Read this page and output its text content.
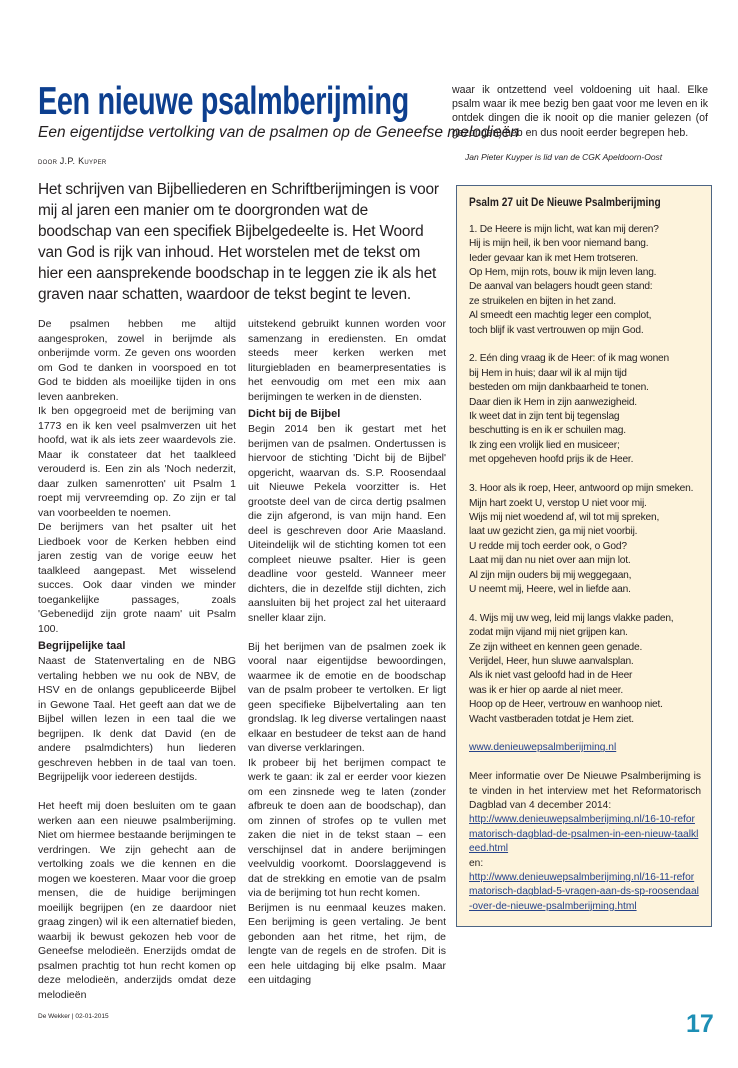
Een nieuwe psalmberijming
Een eigentijdse vertolking van de psalmen op de Geneefse melodieën
door J.P. Kuyper
Het schrijven van Bijbelliederen en Schriftberijmingen is voor mij al jaren een manier om te doorgronden wat de boodschap van een specifiek Bijbelgedeelte is. Het Woord van God is rijk van inhoud. Het worstelen met de tekst om hier een aansprekende boodschap in te leggen zie ik als het graven naar schatten, waardoor de tekst begint te leven.

De psalmen hebben me altijd aangesproken, zowel in berijmde als onberijmde vorm. Ze geven ons woorden om God te danken in voorspoed en tot God te bidden als moeilijke tijden in ons leven aanbreken.

Ik ben opgegroeid met de berijming van 1773 en ik ken veel psalmverzen uit het hoofd, wat ik als iets zeer waardevols zie. Maar ik constateer dat het taalkleed verouderd is. Een zin als 'Noch nederzit, daar zulken samenrotten' uit Psalm 1 roept mij vervreemding op. Zo zijn er tal van voorbeelden te noemen.

De berijmers van het psalter uit het Liedboek voor de Kerken hebben eind jaren zestig van de vorige eeuw het taalkleed aangepast. Met wisselend succes. Ook daar vinden we minder toegankelijke passages, zoals 'Gebenedijd zijn grote naam' uit Psalm 100.

Begrijpelijke taal

Naast de Statenvertaling en de NBG vertaling hebben we nu ook de NBV, de HSV en de onlangs gepubliceerde Bijbel in Gewone Taal. Het geeft aan dat we de Bijbel willen lezen in een taal die we begrijpen. Ik denk dat David (en de andere psalmdichters) hun liederen geschreven hebben in de taal van toen. Begrijpelijk voor iedereen destijds.

Het heeft mij doen besluiten om te gaan werken aan een nieuwe psalmberijming. Niet om hiermee bestaande berijmingen te verdringen. We zijn gehecht aan de vertolking zoals we die kennen en die mogen we koesteren. Maar voor die groep mensen, die de huidige berijmingen moeilijk begrijpen (en ze daardoor niet graag zingen) wil ik een alternatief bieden, waarbij ik bewust gekozen heb voor de Geneefse melodieën. Enerzijds omdat de psalmen prachtig tot hun recht komen op deze melodieën, anderzijds omdat deze melodieën

uitstekend gebruikt kunnen worden voor samenzang in erediensten. En omdat steeds meer kerken werken met liturgiebladen en beamerpresentaties is het eenvoudig om met een mix aan berijmingen te werken in de diensten.

Dicht bij de Bijbel

Begin 2014 ben ik gestart met het berijmen van de psalmen. Ondertussen is hiervoor de stichting 'Dicht bij de Bijbel' opgericht, waarvan ds. S.P. Roosendaal uit Nieuwe Pekela voorzitter is. Het grootste deel van de circa dertig psalmen die zijn afgerond, is van mijn hand. Een deel is geschreven door Arie Maasland. Uiteindelijk wil de stichting komen tot een compleet nieuwe psalter. Hier is geen deadline voor gesteld. Wanneer meer dichters, die in dezelfde stijl dichten, zich aansluiten bij het project zal het uiteraard sneller klaar zijn.

Bij het berijmen van de psalmen zoek ik vooral naar eigentijdse bewoordingen, waarmee ik de emotie en de boodschap van de psalm probeer te vertolken. Er ligt geen specifieke Bijbelvertaling aan ten grondslag. Ik leg diverse vertalingen naast elkaar en bestudeer de tekst aan de hand van diverse verklaringen.

Ik probeer bij het berijmen compact te werk te gaan: ik zal er eerder voor kiezen om een zinsnede weg te laten (zonder afbreuk te doen aan de boodschap), dan om zinnen of strofes op te vullen met zaken die niet in de tekst staan – een verschijnsel dat in andere berijmingen veelvuldig voorkomt. Doorslaggevend is dat de strekking en emotie van de psalm via de berijming tot hun recht komen.

Berijmen is nu eenmaal keuzes maken. Een berijming is geen vertaling. Je bent gebonden aan het ritme, het rijm, de lengte van de regels en de strofen. Dit is een hele uitdaging bij elke psalm. Maar een uitdaging

De Wekker | 02-01-2015

waar ik ontzettend veel voldoening uit haal. Elke psalm waar ik mee bezig ben gaat voor me leven en ik ontdek dingen die ik nooit op die manier gelezen (of gezongen) heb en dus nooit eerder begrepen heb.

Jan Pieter Kuyper is lid van de CGK Apeldoorn-Oost
Psalm 27 uit De Nieuwe Psalmberijming
1. De Heere is mijn licht, wat kan mij deren?
Hij is mijn heil, ik ben voor niemand bang.
Ieder gevaar kan ik met Hem trotseren.
Op Hem, mijn rots, bouw ik mijn leven lang.
De aanval van belagers houdt geen stand:
ze struikelen en bijten in het zand.
Al smeedt een machtig leger een complot,
toch blijf ik vast vertrouwen op mijn God.
2. Eén ding vraag ik de Heer: of ik mag wonen
bij Hem in huis; daar wil ik al mijn tijd
besteden om mijn dankbaarheid te tonen.
Daar dien ik Hem in zijn aanwezigheid.
Ik weet dat in zijn tent bij tegenslag
beschutting is en ik er schuilen mag.
Ik zing een vrolijk lied en musiceer;
met opgeheven hoofd prijs ik de Heer.
3. Hoor als ik roep, Heer, antwoord op mijn smeken.
Mijn hart zoekt U, verstop U niet voor mij.
Wijs mij niet woedend af, wil tot mij spreken,
laat uw gezicht zien, ga mij niet voorbij.
U redde mij toch eerder ook, o God?
Laat mij dan nu niet over aan mijn lot.
Al zijn mijn ouders bij mij weggegaan,
U neemt mij, Heere, wel in liefde aan.
4. Wijs mij uw weg, leid mij langs vlakke paden,
zodat mijn vijand mij niet grijpen kan.
Ze zijn witheet en kennen geen genade.
Verijdel, Heer, hun sluwe aanvalsplan.
Als ik niet vast geloofd had in de Heer
was ik er hier op aarde al niet meer.
Hoop op de Heer, vertrouw en wanhoop niet.
Wacht vastberaden totdat je Hem ziet.
www.denieuwepsalmberijming.nl
Meer informatie over De Nieuwe Psalmberijming is te vinden in het interview met het Reformatorisch Dagblad van 4 december 2014:
http://www.denieuwepsalmberijming.nl/16-10-reformatorisch-dagblad-de-psalmen-in-een-nieuw-taalkleed.html
en:
http://www.denieuwepsalmberijming.nl/16-11-reformatorisch-dagblad-5-vragen-aan-ds-sp-roosendaal-over-de-nieuwe-psalmberijming.html
17
